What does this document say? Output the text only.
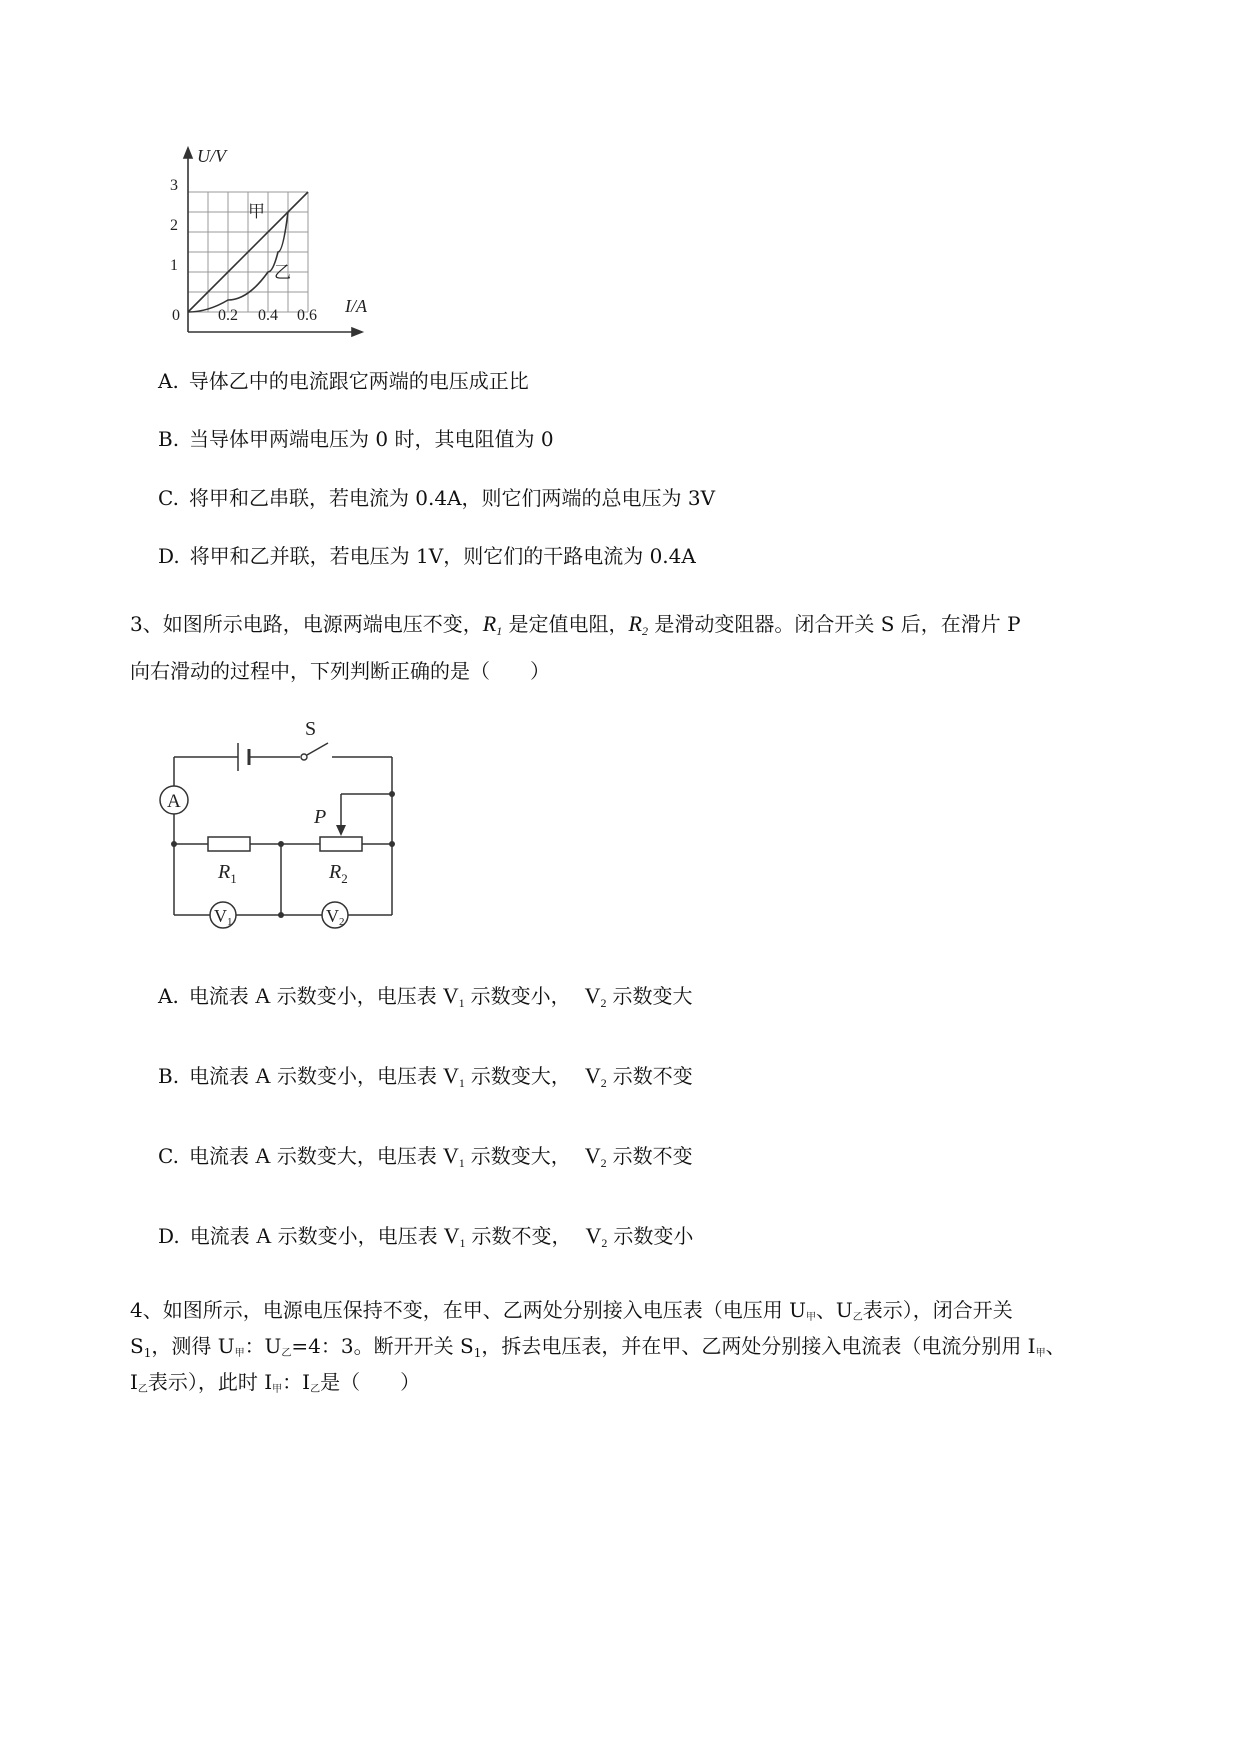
U/V
I/A
3
2
1
0 0.2 0.4 0.6
甲
乙
A. 导体乙中的电流跟它两端的电压成正比
B. 当导体甲两端电压为 0 时，其电阻值为 0
C. 将甲和乙串联，若电流为 0.4A，则它们两端的总电压为 3V
D. 将甲和乙并联，若电压为 1V，则它们的干路电流为 0.4A
3、如图所示电路，电源两端电压不变，$R_1$ 是定值电阻，$R_2$ 是滑动变阻器。闭合开关 S 后，在滑片 P
向右滑动的过程中，下列判断正确的是（　　）
A
V1	V2
S
P
$R_1$	$R_2$
A. 电流表 A 示数变小，电压表 $V_1$ 示数变小， $V_2$ 示数变大
B. 电流表 A 示数变小，电压表 $V_1$ 示数变大， $V_2$ 示数不变
C. 电流表 A 示数变大，电压表 $V_1$ 示数变大， $V_2$ 示数不变
D. 电流表 A 示数变小，电压表 $V_1$ 示数不变， $V_2$ 示数变小
4、如图所示，电源电压保持不变，在甲、乙两处分别接入电压表（电压用 $U_甲$、$U_乙$表示），闭合开关
$S_1$，测得 $U_甲$：$U_乙=4$：3。断开开关 $S_1$，拆去电压表，并在甲、乙两处分别接入电流表（电流分别用 $I_甲$、
$I_乙$表示），此时 $I_甲$：$I_乙$是（　　）
